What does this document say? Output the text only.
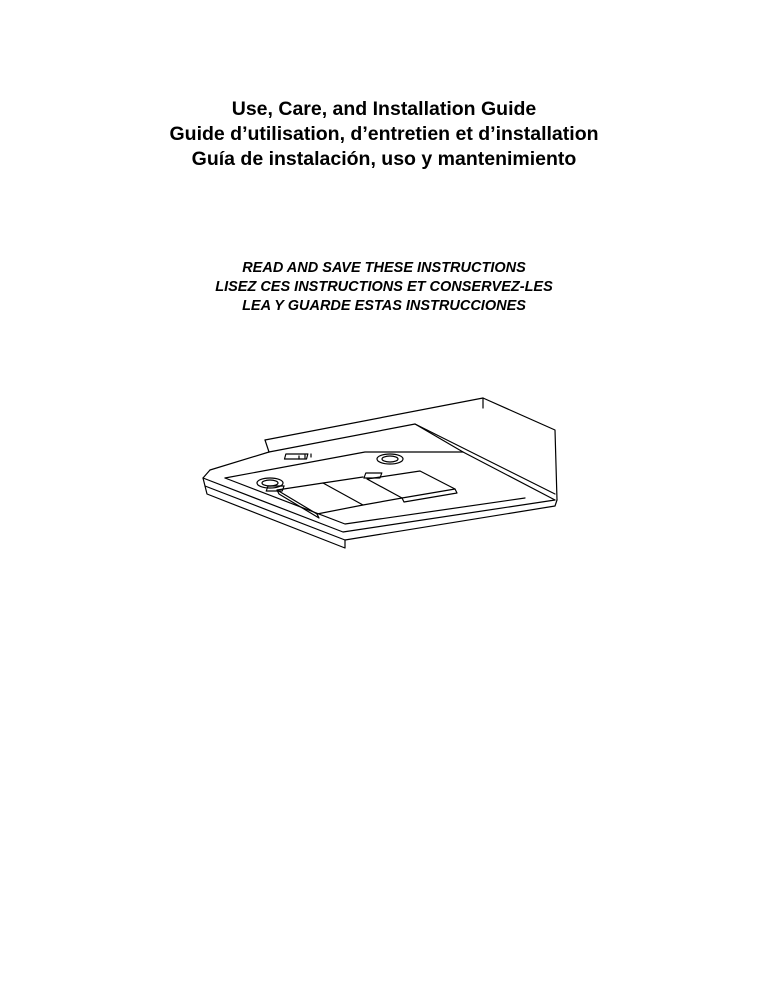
Use, Care, and Installation Guide
Guide d’utilisation, d’entretien et d’installation
Guía de instalación, uso y mantenimiento
READ AND SAVE THESE INSTRUCTIONS
LISEZ CES INSTRUCTIONS ET CONSERVEZ-LES
LEA Y GUARDE ESTAS INSTRUCCIONES
